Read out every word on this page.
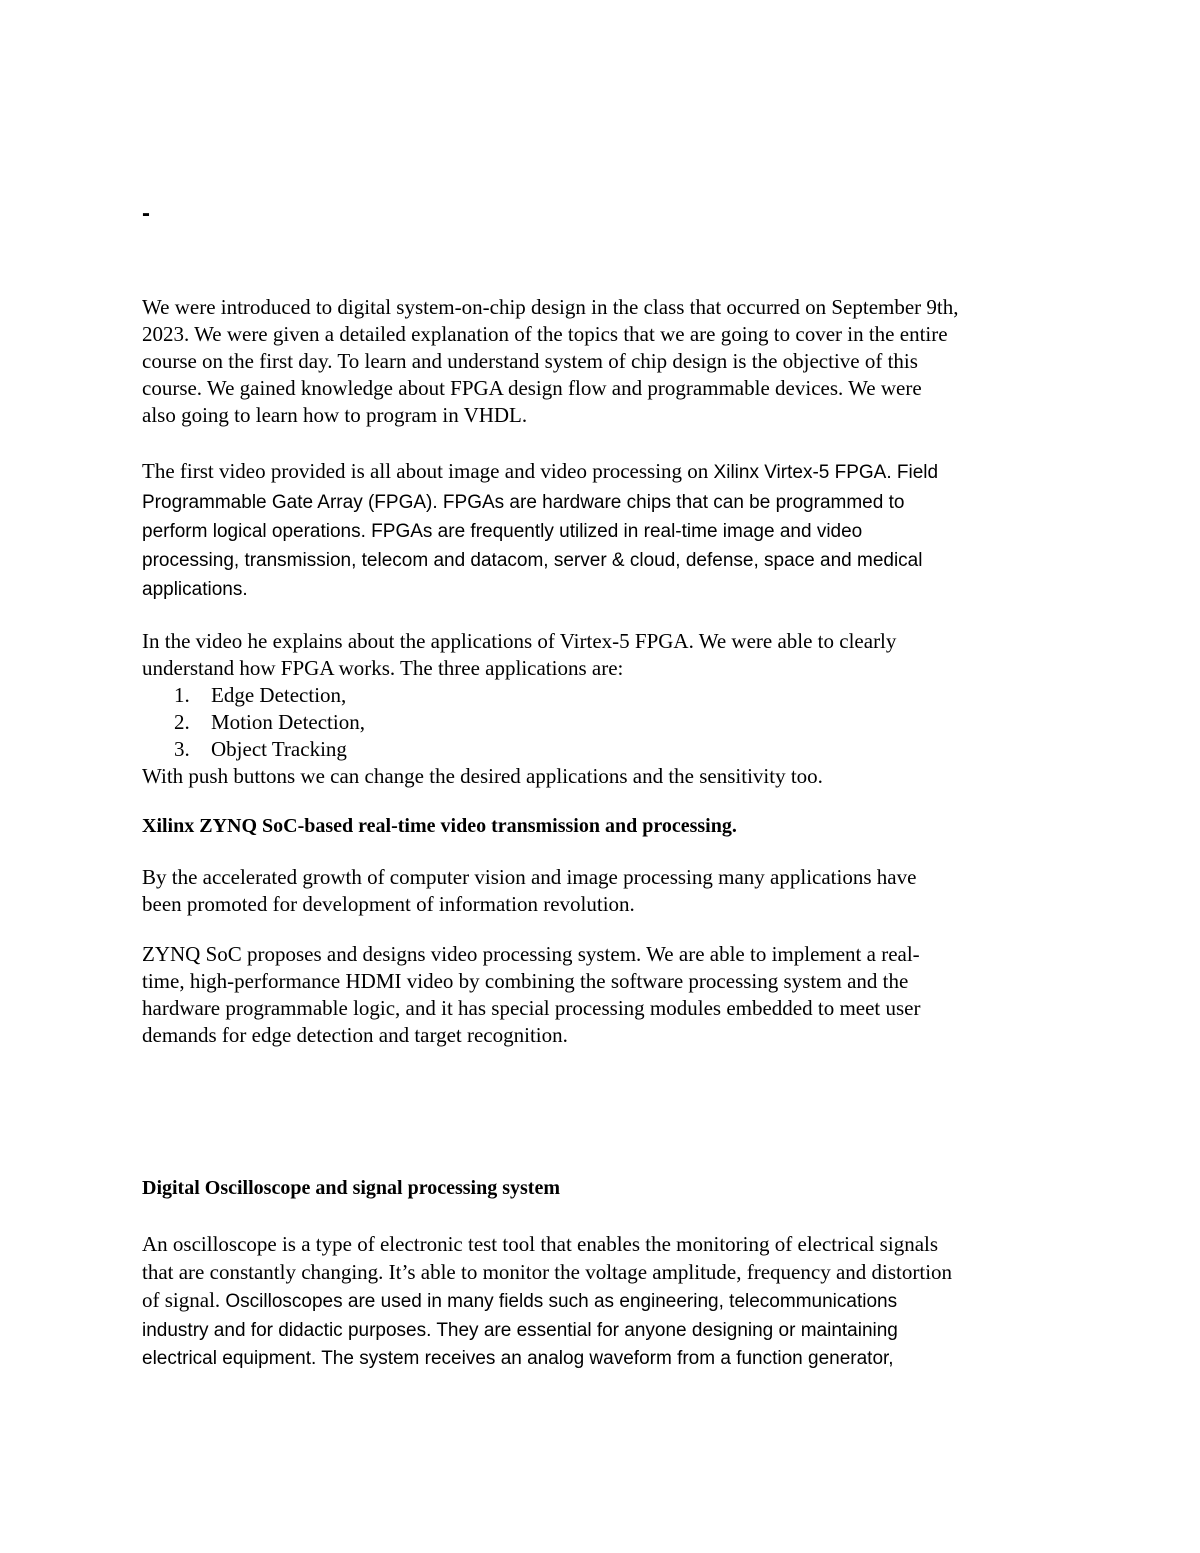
-
We were introduced to digital system-on-chip design in the class that occurred on September 9th,
2023. We were given a detailed explanation of the topics that we are going to cover in the entire
course on the first day. To learn and understand system of chip design is the objective of this
course. We gained knowledge about FPGA design flow and programmable devices. We were
also going to learn how to program in VHDL.
The first video provided is all about image and video processing on Xilinx Virtex-5 FPGA. Field
Programmable Gate Array (FPGA). FPGAs are hardware chips that can be programmed to
perform logical operations. FPGAs are frequently utilized in real-time image and video
processing, transmission, telecom and datacom, server & cloud, defense, space and medical
applications.
In the video he explains about the applications of Virtex-5 FPGA. We were able to clearly
understand how FPGA works. The three applications are:
1. Edge Detection,
2. Motion Detection,
3. Object Tracking
With push buttons we can change the desired applications and the sensitivity too.
Xilinx ZYNQ SoC-based real-time video transmission and processing.
By the accelerated growth of computer vision and image processing many applications have
been promoted for development of information revolution.
ZYNQ SoC proposes and designs video processing system. We are able to implement a real-
time, high-performance HDMI video by combining the software processing system and the
hardware programmable logic, and it has special processing modules embedded to meet user
demands for edge detection and target recognition.
Digital Oscilloscope and signal processing system
An oscilloscope is a type of electronic test tool that enables the monitoring of electrical signals
that are constantly changing. It’s able to monitor the voltage amplitude, frequency and distortion
of signal. Oscilloscopes are used in many fields such as engineering, telecommunications
industry and for didactic purposes. They are essential for anyone designing or maintaining
electrical equipment. The system receives an analog waveform from a function generator,
